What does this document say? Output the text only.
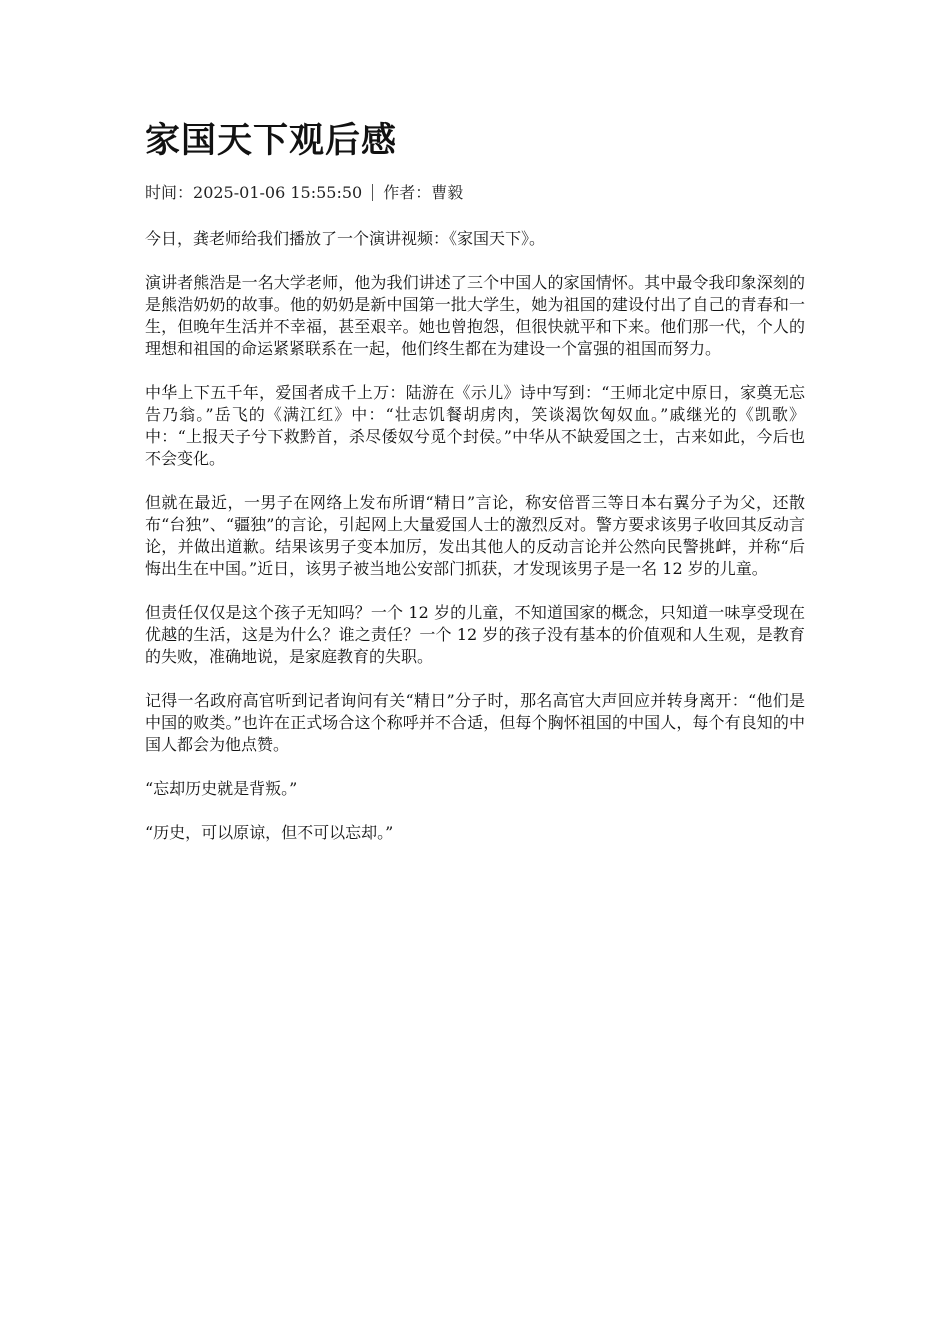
家国天下观后感
时间：2025-01-06 15:55:50 作者：曹毅

今日，龚老师给我们播放了一个演讲视频：《家国天下》。

演讲者熊浩是一名大学老师，他为我们讲述了三个中国人的家国情怀。其中最令我印象深刻的是熊浩奶奶的故事。他的奶奶是新中国第一批大学生，她为祖国的建设付出了自己的青春和一生，但晚年生活并不幸福，甚至艰辛。她也曾抱怨，但很快就平和下来。他们那一代，个人的理想和祖国的命运紧紧联系在一起，他们终生都在为建设一个富强的祖国而努力。

中华上下五千年，爱国者成千上万：陆游在《示儿》诗中写到：“王师北定中原日，家奠无忘告乃翁。”岳飞的《满江红》中：“壮志饥餐胡虏肉，笑谈渴饮匈奴血。”戚继光的《凯歌》中：“上报天子兮下救黔首，杀尽倭奴兮觅个封侯。”中华从不缺爱国之士，古来如此，今后也不会变化。

但就在最近，一男子在网络上发布所谓“精日”言论，称安倍晋三等日本右翼分子为父，还散布“台独”、“疆独”的言论，引起网上大量爱国人士的激烈反对。警方要求该男子收回其反动言论，并做出道歉。结果该男子变本加厉，发出其他人的反动言论并公然向民警挑衅，并称“后悔出生在中国。”近日，该男子被当地公安部门抓获，才发现该男子是一名 12 岁的儿童。

但责任仅仅是这个孩子无知吗？一个 12 岁的儿童，不知道国家的概念，只知道一味享受现在优越的生活，这是为什么？谁之责任？一个 12 岁的孩子没有基本的价值观和人生观，是教育的失败，准确地说，是家庭教育的失职。

记得一名政府高官听到记者询问有关“精日”分子时，那名高官大声回应并转身离开：“他们是中国的败类。”也许在正式场合这个称呼并不合适，但每个胸怀祖国的中国人，每个有良知的中国人都会为他点赞。

“忘却历史就是背叛。”

“历史，可以原谅，但不可以忘却。”
